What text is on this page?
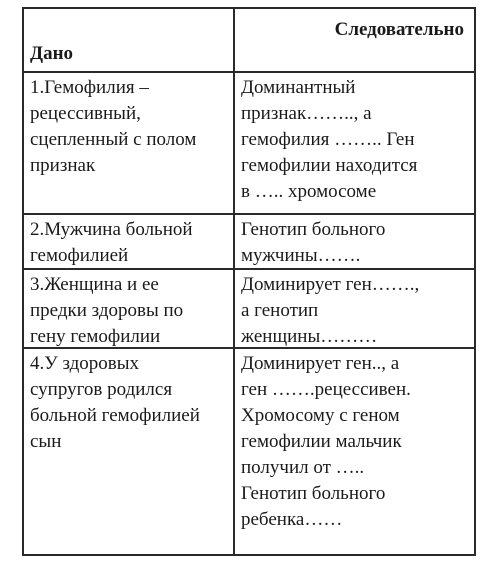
Дано
Следовательно
1.Гемофилия –
рецессивный,
сцепленный с полом
признак
Доминантный
признак…….., а
гемофилия …….. Ген
гемофилии находится
в ….. хромосоме
2.Мужчина больной
гемофилией
Генотип больного
мужчины…….
3.Женщина и ее
предки здоровы по
гену гемофилии
Доминирует ген…….,
а генотип
женщины………
4.У здоровых
супругов родился
больной гемофилией
сын
Доминирует ген.., а
ген …….рецессивен.
Хромосому с геном
гемофилии мальчик
получил от …..
Генотип больного
ребенка……
